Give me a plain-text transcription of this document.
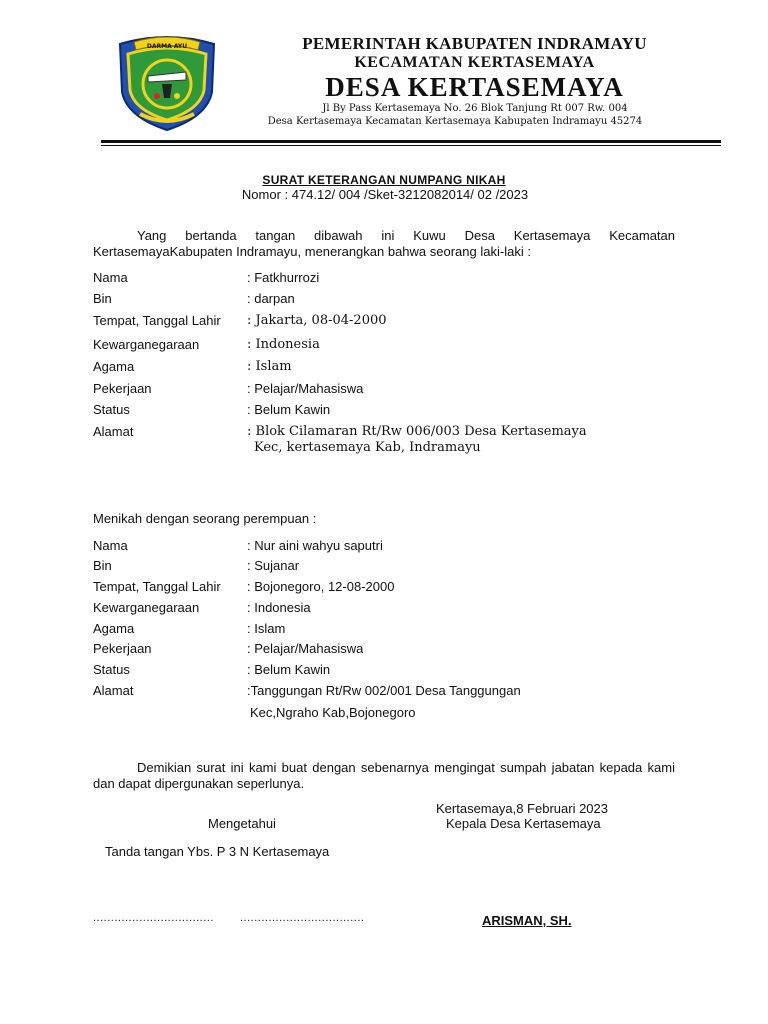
DARMA AYU	PEMERINTAH KABUPATEN INDRAMAYU
KECAMATAN KERTASEMAYA
DESA KERTASEMAYA
Jl By Pass Kertasemaya No. 26 Blok Tanjung Rt 007 Rw. 004
Desa Kertasemaya Kecamatan Kertasemaya Kabupaten Indramayu 45274
SURAT KETERANGAN NUMPANG NIKAH
Nomor : 474.12/ 004 /Sket-3212082014/ 02 /2023
Yang bertanda tangan dibawah ini Kuwu Desa Kertasemaya Kecamatan KertasemayaKabupaten Indramayu, menerangkan bahwa seorang laki-laki :
Nama	: Fatkhurrozi
Bin	: darpan
Tempat, Tanggal Lahir : Jakarta, 08-04-2000
Kewarganegaraan	: Indonesia
Agama	: Islam
Pekerjaan	: Pelajar/Mahasiswa
Status	: Belum Kawin
Alamat	: Blok Cilamaran Rt/Rw 006/003 Desa Kertasemaya
Kec, kertasemaya Kab, Indramayu
Menikah dengan seorang perempuan :
Nama	: Nur aini wahyu saputri
Bin	: Sujanar
Tempat, Tanggal Lahir : Bojonegoro, 12-08-2000
Kewarganegaraan	: Indonesia
Agama	: Islam
Pekerjaan	: Pelajar/Mahasiswa
Status	: Belum Kawin
Alamat	:Tanggungan Rt/Rw 002/001 Desa Tanggungan
Kec,Ngraho Kab,Bojonegoro
Demikian surat ini kami buat dengan sebenarnya mengingat sumpah jabatan kepada kami dan dapat dipergunakan seperlunya.
Kertasemaya,8 Februari 2023
Mengetahui	Kepala Desa Kertasemaya
Tanda tangan Ybs. P 3 N Kertasemaya
.................................. ...................................	ARISMAN, SH.
